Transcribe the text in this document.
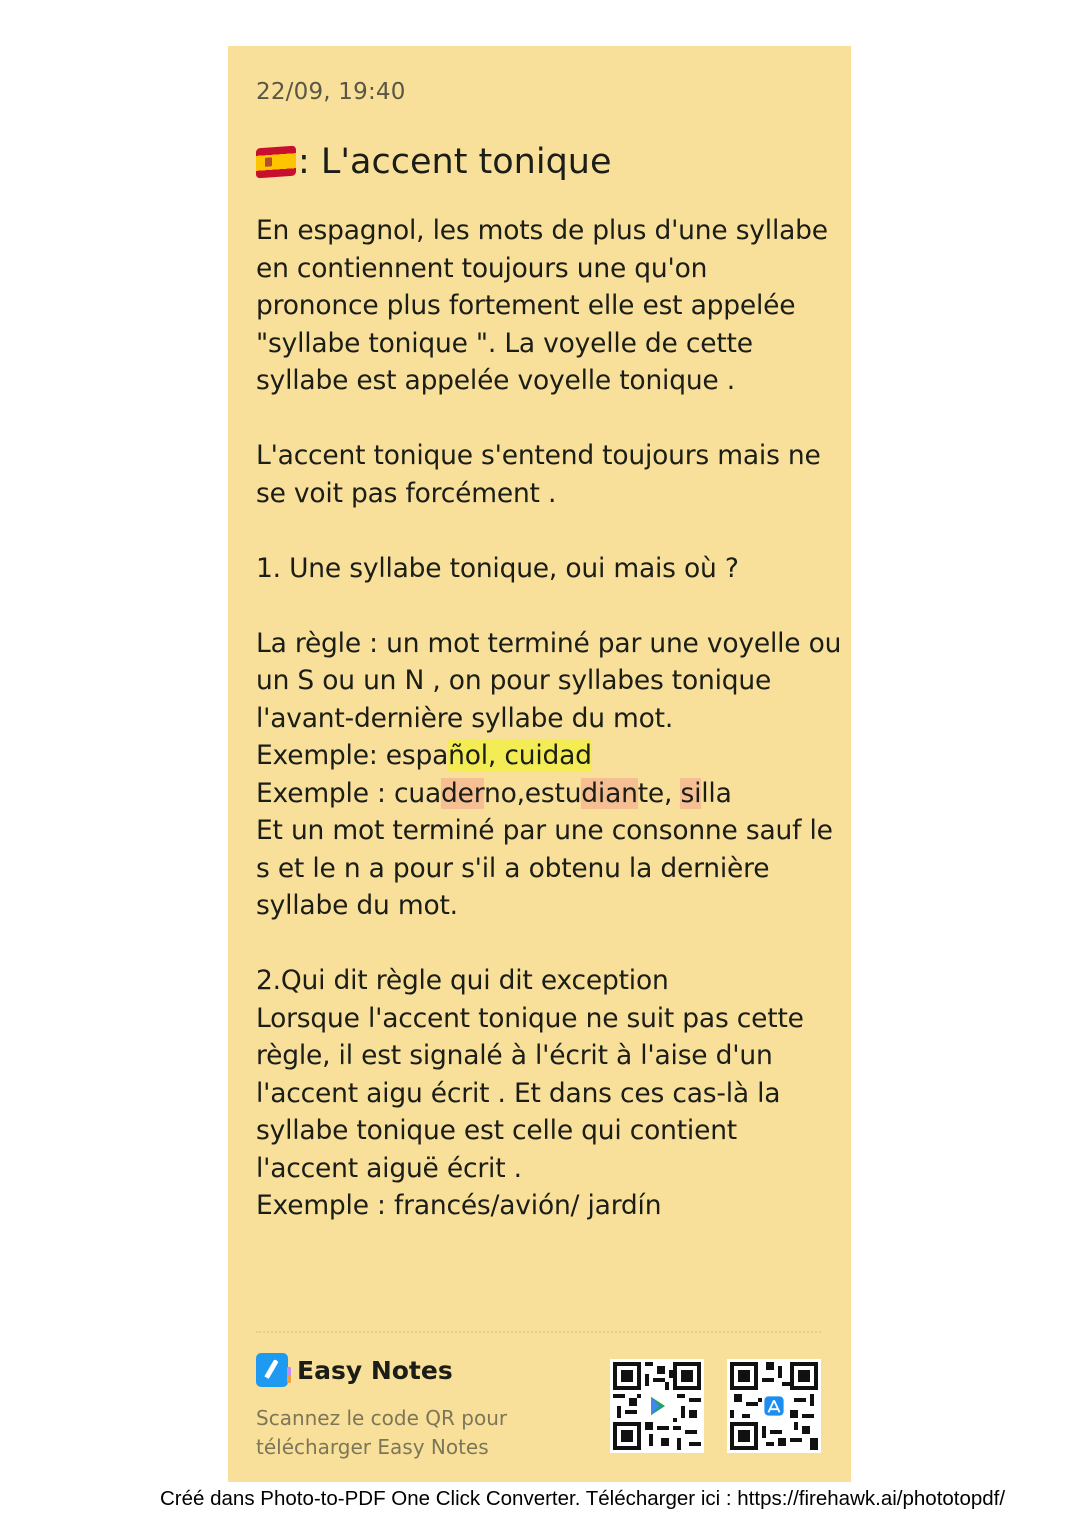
22/09, 19:40
: L'accent tonique
En espagnol, les mots de plus d'une syllabe
en contiennent toujours une qu'on
prononce plus fortement elle est appelée
"syllabe tonique ". La voyelle de cette
syllabe est appelée voyelle tonique .
L'accent tonique s'entend toujours mais ne
se voit pas forcément .
1. Une syllabe tonique, oui mais où ?
La règle : un mot terminé par une voyelle ou
un S ou un N , on pour syllabes tonique
l'avant-dernière syllabe du mot.
Exemple: español, cuidad
Exemple : cuaderno,estudiante, silla
Et un mot terminé par une consonne sauf le
s et le n a pour s'il a obtenu la dernière
syllabe du mot.
2.Qui dit règle qui dit exception
Lorsque l'accent tonique ne suit pas cette
règle, il est signalé à l'écrit à l'aise d'un
l'accent aigu écrit . Et dans ces cas-là la
syllabe tonique est celle qui contient
l'accent aiguë écrit .
Exemple : francés/avión/ jardín
Easy Notes
Scannez le code QR pour
télécharger Easy Notes
Créé dans Photo-to-PDF One Click Converter. Télécharger ici : https://firehawk.ai/phototopdf/
